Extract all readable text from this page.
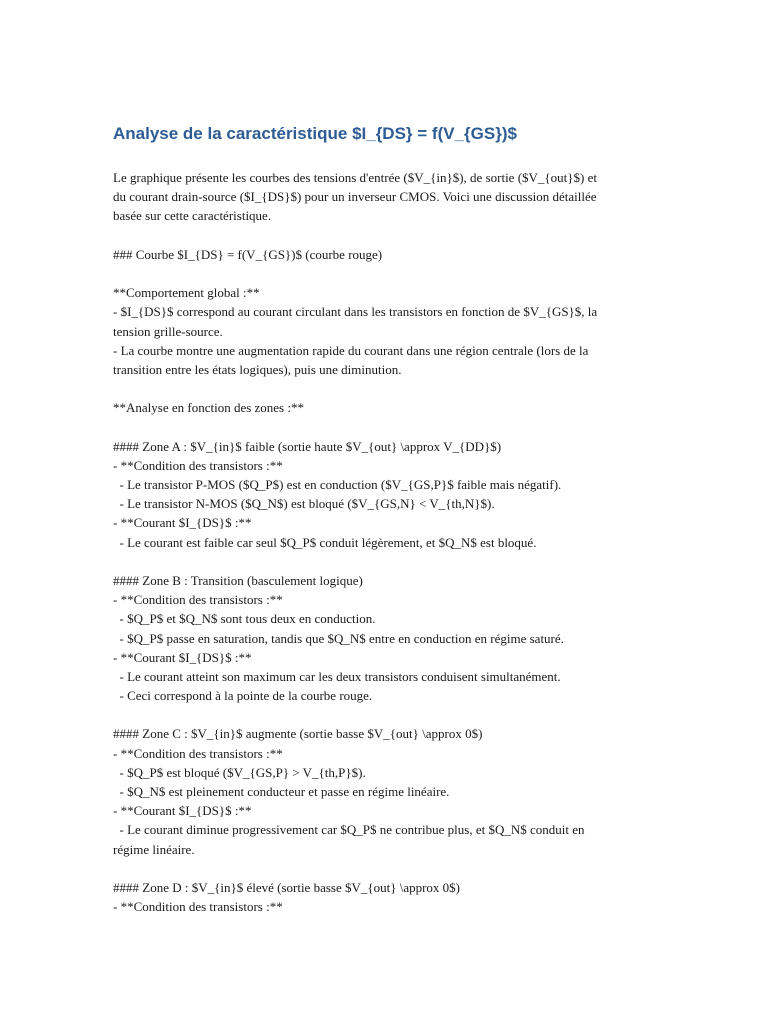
Analyse de la caractéristique $I_{DS} = f(V_{GS})$
Le graphique présente les courbes des tensions d'entrée ($V_{in}$), de sortie ($V_{out}$) et
du courant drain-source ($I_{DS}$) pour un inverseur CMOS. Voici une discussion détaillée
basée sur cette caractéristique.
### Courbe $I_{DS} = f(V_{GS})$ (courbe rouge)
**Comportement global :**
- $I_{DS}$ correspond au courant circulant dans les transistors en fonction de $V_{GS}$, la
tension grille-source.
- La courbe montre une augmentation rapide du courant dans une région centrale (lors de la
transition entre les états logiques), puis une diminution.
**Analyse en fonction des zones :**
#### Zone A : $V_{in}$ faible (sortie haute $V_{out} \approx V_{DD}$)
- **Condition des transistors :**
- Le transistor P-MOS ($Q_P$) est en conduction ($V_{GS,P}$ faible mais négatif).
- Le transistor N-MOS ($Q_N$) est bloqué ($V_{GS,N} < V_{th,N}$).
- **Courant $I_{DS}$ :**
- Le courant est faible car seul $Q_P$ conduit légèrement, et $Q_N$ est bloqué.
#### Zone B : Transition (basculement logique)
- **Condition des transistors :**
- $Q_P$ et $Q_N$ sont tous deux en conduction.
- $Q_P$ passe en saturation, tandis que $Q_N$ entre en conduction en régime saturé.
- **Courant $I_{DS}$ :**
- Le courant atteint son maximum car les deux transistors conduisent simultanément.
- Ceci correspond à la pointe de la courbe rouge.
#### Zone C : $V_{in}$ augmente (sortie basse $V_{out} \approx 0$)
- **Condition des transistors :**
- $Q_P$ est bloqué ($V_{GS,P} > V_{th,P}$).
- $Q_N$ est pleinement conducteur et passe en régime linéaire.
- **Courant $I_{DS}$ :**
- Le courant diminue progressivement car $Q_P$ ne contribue plus, et $Q_N$ conduit en
régime linéaire.
#### Zone D : $V_{in}$ élevé (sortie basse $V_{out} \approx 0$)
- **Condition des transistors :**
